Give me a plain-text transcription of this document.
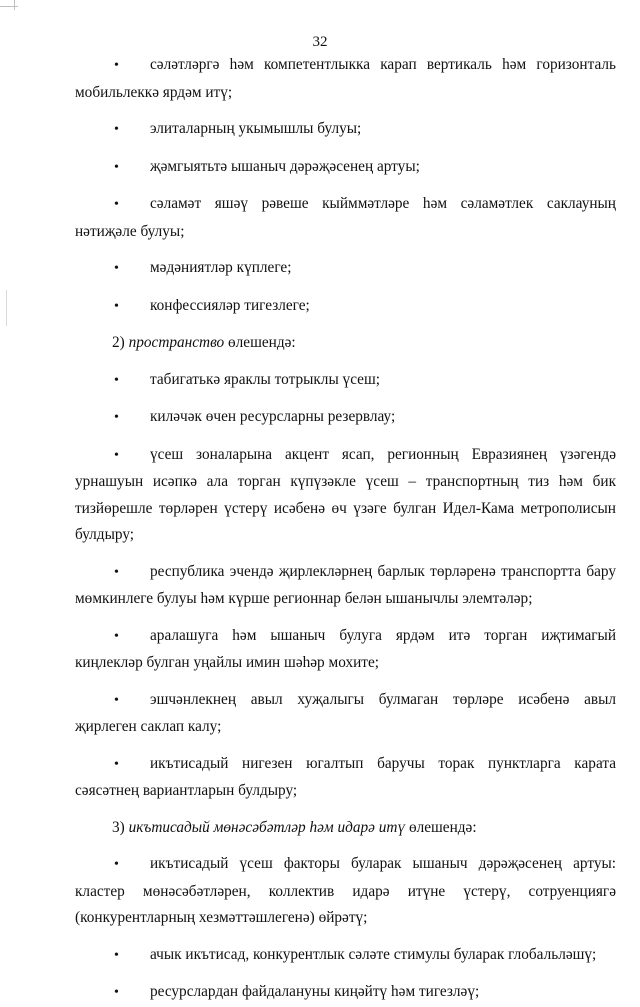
32

•сәләтләргә һәм компетентлыкка карап вертикаль һәм горизонталь мобильлеккә ярдәм итү;

•элиталарның укымышлы булуы;

•җәмгыятьтә ышаныч дәрәҗәсенең артуы;

•сәламәт яшәү рәвеше кыйммәтләре һәм сәламәтлек саклауның нәтиҗәле булуы;

•мәдәниятләр күплеге;

•конфессияләр тигезлеге;

2) пространство өлешендә:

•табигатькә яраклы тотрыклы үсеш;

•киләчәк өчен ресурсларны резервлау;

•үсеш зоналарына акцент ясап, регионның Евразиянең үзәгендә урнашуын исәпкә ала торган күпүзәкле үсеш – транспортның тиз һәм бик тизйөрешле төрләрен үстерү исәбенә өч үзәге булган Идел-Кама метрополисын булдыру;

•республика эчендә җирлекләрнең барлык төрләренә транспортта бару мөмкинлеге булуы һәм күрше регионнар белән ышанычлы элемтәләр;

•аралашуга һәм ышаныч булуга ярдәм итә торган иҗтимагый киңлекләр булган уңайлы имин шәһәр мохите;

•эшчәнлекнең авыл хуҗалыгы булмаган төрләре исәбенә авыл җирлеген саклап калу;

•икътисадый нигезен югалтып баручы торак пунктларга карата сәясәтнең вариантларын булдыру;

3) икътисадый мөнәсәбәтләр һәм идарә итү өлешендә:

•икътисадый үсеш факторы буларак ышаныч дәрәҗәсенең артуы: кластер мөнәсәбәтләрен, коллектив идарә итүне үстерү, сотруенциягә (конкурентларның хезмәттәшлегенә) өйрәтү;

•ачык икътисад, конкурентлык сәләте стимулы буларак глобальләшү;

•ресурслардан файдалануны киңәйтү һәм тигезләү;
